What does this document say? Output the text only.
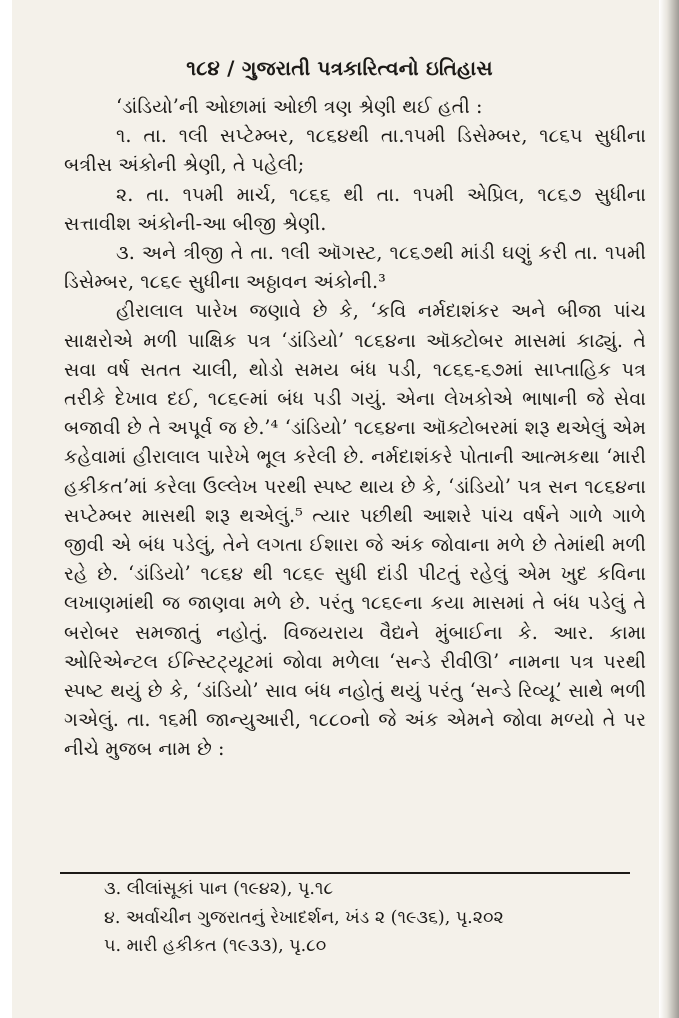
૧૮૪ / ગુજરાતી પત્રકારિત્વનો ઇતિહાસ

‘ડાંડિયો’ની ઓછામાં ઓછી ત્રણ શ્રેણી થઈ હતી :

૧. તા. ૧લી સપ્ટેમ્બર, ૧૮૬૪થી તા.૧૫મી ડિસેમ્બર, ૧૮૬૫ સુધીના બત્રીસ અંકોની શ્રેણી, તે પહેલી;

૨. તા. ૧૫મી માર્ચ, ૧૮૬૬ થી તા. ૧૫મી એપ્રિલ, ૧૮૬૭ સુધીના સત્તાવીશ અંકોની-આ બીજી શ્રેણી.

૩. અને ત્રીજી તે તા. ૧લી ઑગસ્ટ, ૧૮૬૭થી માંડી ઘણું કરી તા. ૧૫મી ડિસેમ્બર, ૧૮૬૯ સુધીના અઠ્ઠાવન અંકોની.³

હીરાલાલ પારેખ જણાવે છે કે, ‘કવિ નર્મદાશંકર અને બીજા પાંચ સાક્ષરોએ મળી પાક્ષિક પત્ર ‘ડાંડિયો’ ૧૮૬૪ના ઑક્ટોબર માસમાં કાઢ્યું. તે સવા વર્ષ સતત ચાલી, થોડો સમય બંધ પડી, ૧૮૬૬-૬૭માં સાપ્તાહિક પત્ર તરીકે દેખાવ દઈ, ૧૮૬૯માં બંધ પડી ગયું. એના લેખકોએ ભાષાની જે સેવા બજાવી છે તે અપૂર્વ જ છે.’⁴ ‘ડાંડિયો’ ૧૮૬૪ના ઑક્ટોબરમાં શરૂ થએલું એમ કહેવામાં હીરાલાલ પારેખે ભૂલ કરેલી છે. નર્મદાશંકરે પોતાની આત્મકથા ‘મારી હકીકત’માં કરેલા ઉલ્લેખ પરથી સ્પષ્ટ થાય છે કે, ‘ડાંડિયો’ પત્ર સન ૧૮૬૪ના સપ્ટેમ્બર માસથી શરૂ થએલું.⁵ ત્યાર પછીથી આશરે પાંચ વર્ષને ગાળે ગાળે જીવી એ બંધ પડેલું, તેને લગતા ઈશારા જે અંક જોવાના મળે છે તેમાંથી મળી રહે છે. ‘ડાંડિયો’ ૧૮૬૪ થી ૧૮૬૯ સુધી દાંડી પીટતું રહેલું એમ ખુદ કવિના લખાણમાંથી જ જાણવા મળે છે. પરંતુ ૧૮૬૯ના કયા માસમાં તે બંધ પડેલું તે બરોબર સમજાતું નહોતું. વિજયરાય વૈદ્યને મુંબાઈના કે. આર. કામા ઓરિએન્ટલ ઈન્સ્ટિટ્યૂટમાં જોવા મળેલા ‘સન્ડે રીવીઊ’ નામના પત્ર પરથી સ્પષ્ટ થયું છે કે, ‘ડાંડિયો’ સાવ બંધ નહોતું થયું પરંતુ ‘સન્ડે રિવ્યૂ’ સાથે ભળી ગએલું. તા. ૧૬મી જાન્યુઆરી, ૧૮૮૦નો જે અંક એમને જોવા મળ્યો તે પર નીચે મુજબ નામ છે :

૩. લીલાંસૂકાં પાન (૧૯૪૨), પૃ.૧૮

૪. અર્વાચીન ગુજરાતનું રેખાદર્શન, ખંડ ૨ (૧૯૩૬), પૃ.૨૦૨

૫. મારી હકીકત (૧૯૩૩), પૃ.૮૦
